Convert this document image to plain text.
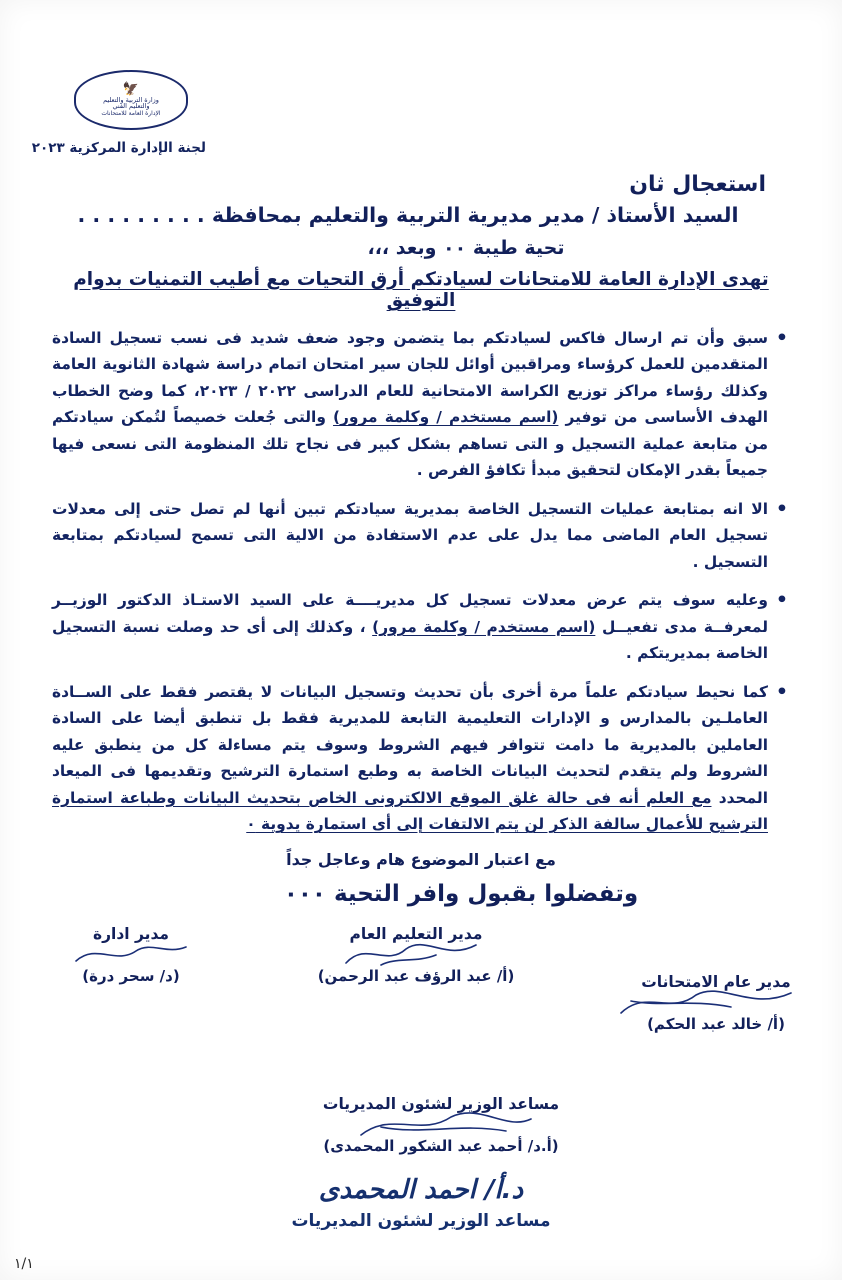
🦅
وزارة التربية والتعليم
والتعليم الفني
الإدارة العامة للامتحانات
لجنة الإدارة المركزية ٢٠٢٣
استعجال ثان
السيد الأستاذ / مدير مديرية التربية والتعليم بمحافظة . . . . . . . . .
تحية طيبة ٠٠ وبعد ،،،
تهدى الإدارة العامة للامتحانات لسيادتكم أرق التحيات مع أطيب التمنيات بدوام التوفيق
• سبق وأن تم ارسال فاكس لسيادتكم بما يتضمن وجود ضعف شديد فى نسب تسجيل السادة المتقدمين للعمل كرؤساء ومراقبين أوائل للجان سير امتحان اتمام دراسة شهادة الثانوية العامة وكذلك رؤساء مراكز توزيع الكراسة الامتحانية للعام الدراسى ٢٠٢٢ / ٢٠٢٣، كما وضح الخطاب الهدف الأساسى من توفير (اسم مستخدم / وكلمة مرور) والتى جُعلت خصيصاً لتُمكن سيادتكم من متابعة عملية التسجيل و التى تساهم بشكل كبير فى نجاح تلك المنظومة التى نسعى فيها جميعاً بقدر الإمكان لتحقيق مبدأ تكافؤ الفرص .
• الا انه بمتابعة عمليات التسجيل الخاصة بمديرية سيادتكم تبين أنها لم تصل حتى إلى معدلات تسجيل العام الماضى مما يدل على عدم الاستفادة من الالية التى تسمح لسيادتكم بمتابعة التسجيل .
• وعليه سوف يتم عرض معدلات تسجيل كل مديريــــة على السيد الاستـاذ الدكتور الوزيــر لمعرفــة مدى تفعيــل (اسم مستخدم / وكلمة مرور) ، وكذلك إلى أى حد وصلت نسبة التسجيل الخاصة بمديريتكم .
• كما نحيط سيادتكم علماً مرة أخرى بأن تحديث وتسجيل البيانات لا يقتصر فقط على الســادة العاملـين بالمدارس و الإدارات التعليمية التابعة للمديرية فقط بل تنطبق أيضا على السادة العاملين بالمديرية ما دامت تتوافر فيهم الشروط وسوف يتم مساءلة كل من ينطبق عليه الشروط ولم يتقدم لتحديث البيانات الخاصة به وطبع استمارة الترشيح وتقديمها فى الميعاد المحدد مع العلم أنه فى حالة غلق الموقع الالكترونى الخاص بتحديث البيانات وطباعة استمارة الترشيح للأعمال سالفة الذكر لن يتم الالتفات إلى أى استمارة يدوية ٠
مع اعتبار الموضوع هام وعاجل جداً
وتفضلوا بقبول وافر التحية ٠٠٠
مدير ادارة
(د/ سحر درة)
مدير التعليم العام
(أ/ عبد الرؤف عبد الرحمن)	مدير عام الامتحانات
(أ/ خالد عبد الحكم)
مساعد الوزير لشئون المديريات
(أ.د/ أحمد عبد الشكور المحمدى)
د.أ/ احمد المحمدى
مساعد الوزير لشئون المديريات
١/١
